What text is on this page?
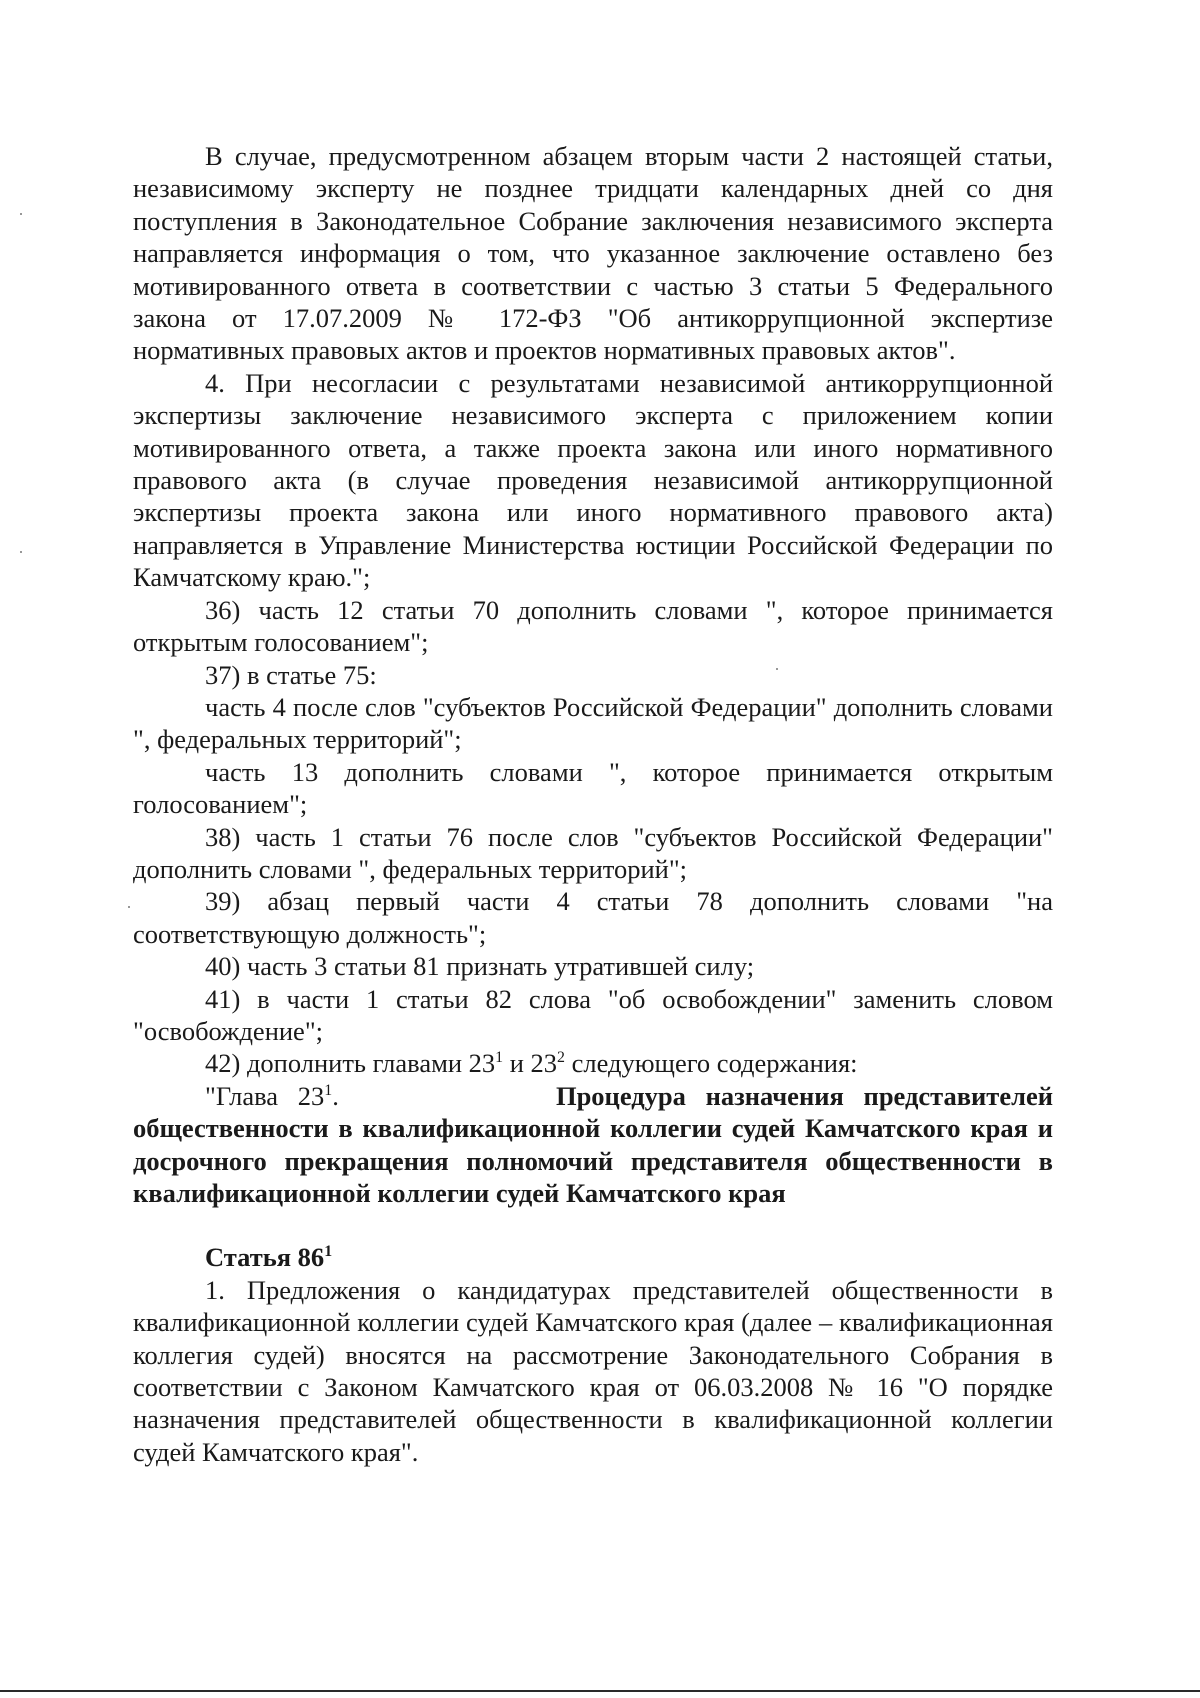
В случае, предусмотренном абзацем вторым части 2 настоящей статьи, независимому эксперту не позднее тридцати календарных дней со дня поступления в Законодательное Собрание заключения независимого эксперта направляется информация о том, что указанное заключение оставлено без мотивированного ответа в соответствии с частью 3 статьи 5 Федерального закона от 17.07.2009 № 172-ФЗ "Об антикоррупционной экспертизе нормативных правовых актов и проектов нормативных правовых актов".

4. При несогласии с результатами независимой антикоррупционной экспертизы заключение независимого эксперта с приложением копии мотивированного ответа, а также проекта закона или иного нормативного правового акта (в случае проведения независимой антикоррупционной экспертизы проекта закона или иного нормативного правового акта) направляется в Управление Министерства юстиции Российской Федерации по Камчатскому краю.";

36) часть 12 статьи 70 дополнить словами ", которое принимается открытым голосованием";

37) в статье 75:

часть 4 после слов "субъектов Российской Федерации" дополнить словами ", федеральных территорий";

часть 13 дополнить словами ", которое принимается открытым голосованием";

38) часть 1 статьи 76 после слов "субъектов Российской Федерации" дополнить словами ", федеральных территорий";

39) абзац первый части 4 статьи 78 дополнить словами "на соответствующую должность";

40) часть 3 статьи 81 признать утратившей силу;

41) в части 1 статьи 82 слова "об освобождении" заменить словом "освобождение";

42) дополнить главами $23^1$ и $23^2$ следующего содержания:

"Глава $23^1$.	Процедура назначения представителей общественности в квалификационной коллегии судей Камчатского края и досрочного прекращения полномочий представителя общественности в квалификационной коллегии судей Камчатского края

Статья $86^1$

1. Предложения о кандидатурах представителей общественности в квалификационной коллегии судей Камчатского края (далее – квалификационная коллегия судей) вносятся на рассмотрение Законодательного Собрания в соответствии с Законом Камчатского края от 06.03.2008 № 16 "О порядке назначения представителей общественности в квалификационной коллегии судей Камчатского края".
